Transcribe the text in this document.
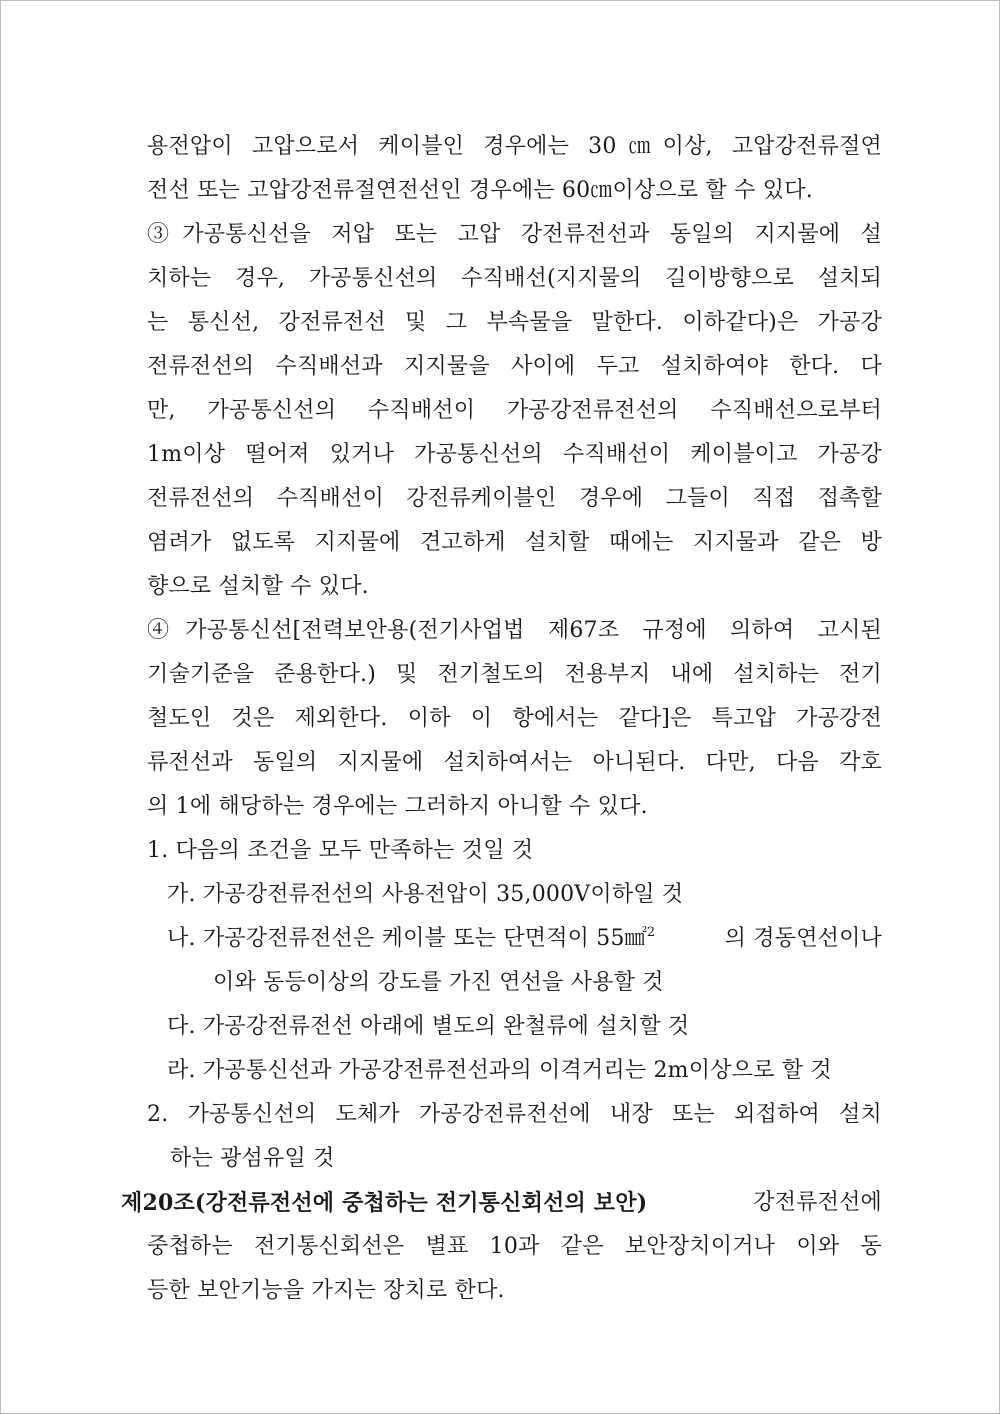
용전압이 고압으로서 케이블인 경우에는 30㎝이상, 고압강전류절연
전선 또는 고압강전류절연전선인 경우에는 60㎝이상으로 할 수 있다.
③가공통신선을 저압 또는 고압 강전류전선과 동일의 지지물에 설
치하는 경우, 가공통신선의 수직배선(지지물의 길이방향으로 설치되
는 통신선, 강전류전선 및 그 부속물을 말한다. 이하같다)은 가공강
전류전선의 수직배선과 지지물을 사이에 두고 설치하여야 한다. 다
만, 가공통신선의 수직배선이 가공강전류전선의 수직배선으로부터
1m이상 떨어져 있거나 가공통신선의 수직배선이 케이블이고 가공강
전류전선의 수직배선이 강전류케이블인 경우에 그들이 직접 접촉할
염려가 없도록 지지물에 견고하게 설치할 때에는 지지물과 같은 방
향으로 설치할 수 있다.
④가공통신선[전력보안용(전기사업법 제67조 규정에 의하여 고시된
기술기준을 준용한다.) 및 전기철도의 전용부지 내에 설치하는 전기
철도인 것은 제외한다. 이하 이 항에서는 같다]은 특고압 가공강전
류전선과 동일의 지지물에 설치하여서는 아니된다. 다만, 다음 각호
의 1에 해당하는 경우에는 그러하지 아니할 수 있다.
1. 다음의 조건을 모두 만족하는 것일 것
가. 가공강전류전선의 사용전압이 35,000V이하일 것
나. 가공강전류전선은 케이블 또는 단면적이 55㎟$^2$	의 경동연선이나
이와 동등이상의 강도를 가진 연선을 사용할 것
다. 가공강전류전선 아래에 별도의 완철류에 설치할 것
라. 가공통신선과 가공강전류전선과의 이격거리는 2m이상으로 할 것
2. 가공통신선의 도체가 가공강전류전선에 내장 또는 외접하여 설치
하는 광섬유일 것
제20조(강전류전선에 중첩하는 전기통신회선의 보안)	강전류전선에
중첩하는 전기통신회선은 별표 10과 같은 보안장치이거나 이와 동
등한 보안기능을 가지는 장치로 한다.
